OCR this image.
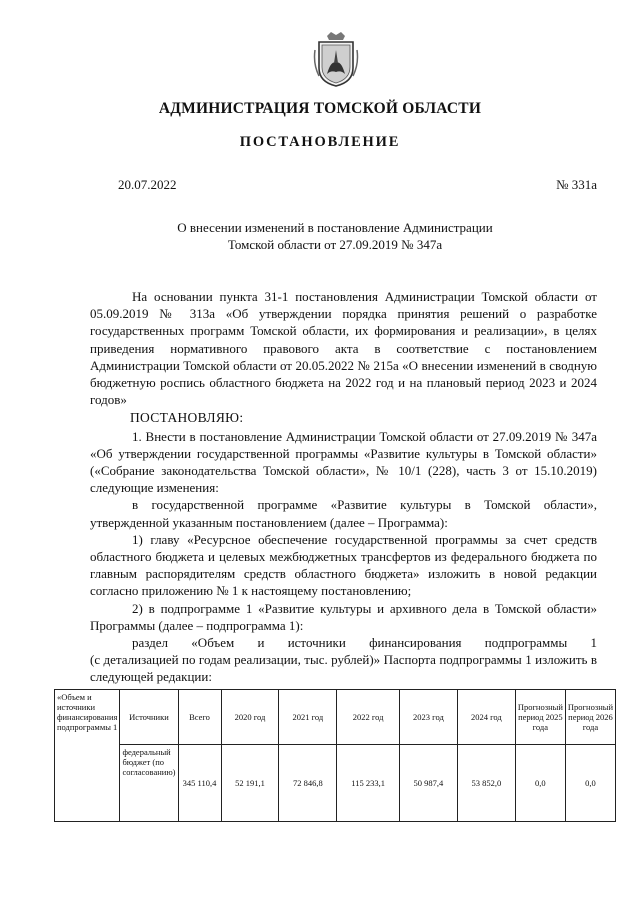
АДМИНИСТРАЦИЯ ТОМСКОЙ ОБЛАСТИ
ПОСТАНОВЛЕНИЕ
20.07.2022	№ 331а
О внесении изменений в постановление Администрации
Томской области от 27.09.2019 № 347а

На основании пункта 31-1 постановления Администрации Томской области от 05.09.2019 № 313а «Об утверждении порядка принятия решений о разработке государственных программ Томской области, их формирования и реализации», в целях приведения нормативного правового акта в соответствие с постановлением Администрации Томской области от 20.05.2022 № 215а «О внесении изменений в сводную бюджетную роспись областного бюджета на 2022 год и на плановый период 2023 и 2024 годов»

ПОСТАНОВЛЯЮ:

1. Внести в постановление Администрации Томской области от 27.09.2019 № 347а «Об утверждении государственной программы «Развитие культуры в Томской области» («Собрание законодательства Томской области», № 10/1 (228), часть 3 от 15.10.2019) следующие изменения:

в государственной программе «Развитие культуры в Томской области», утвержденной указанным постановлением (далее – Программа):

1) главу «Ресурсное обеспечение государственной программы за счет средств областного бюджета и целевых межбюджетных трансфертов из федерального бюджета по главным распорядителям средств областного бюджета» изложить в новой редакции согласно приложению № 1 к настоящему постановлению;

2) в подпрограмме 1 «Развитие культуры и архивного дела в Томской области» Программы (далее – подпрограмма 1):

раздел «Объем и источники финансирования подпрограммы 1

(с детализацией по годам реализации, тыс. рублей)» Паспорта подпрограммы 1 изложить в следующей редакции:

«Объем и источники финансирования подпрограммы 1	Источники	Всего	2020 год	2021 год	2022 год	2023 год	2024 год	Прогнозный период 2025 года	Прогнозный период 2026 года
	федеральный бюджет (по согласованию)	345 110,4	52 191,1	72 846,8	115 233,1	50 987,4	53 852,0	0,0	0,0
